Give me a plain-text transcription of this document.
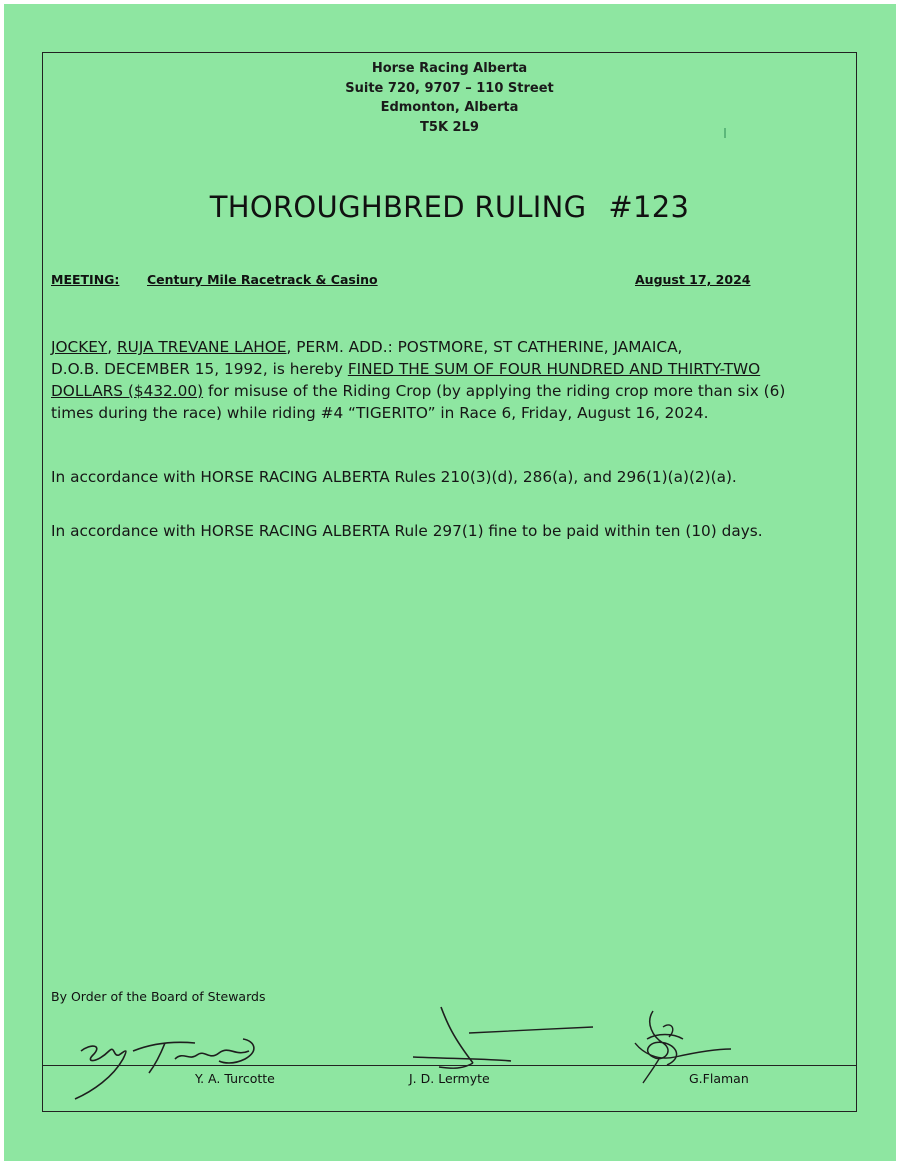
Horse Racing Alberta
Suite 720, 9707 – 110 Street
Edmonton, Alberta
T5K 2L9
THOROUGHBRED RULING #123
MEETING: Century Mile Racetrack & Casino	August 17, 2024
JOCKEY, RUJA TREVANE LAHOE, PERM. ADD.: POSTMORE, ST CATHERINE, JAMAICA,
D.O.B. DECEMBER 15, 1992, is hereby FINED THE SUM OF FOUR HUNDRED AND THIRTY-TWO
DOLLARS ($432.00) for misuse of the Riding Crop (by applying the riding crop more than six (6)
times during the race) while riding #4 “TIGERITO” in Race 6, Friday, August 16, 2024.
In accordance with HORSE RACING ALBERTA Rules 210(3)(d), 286(a), and 296(1)(a)(2)(a).
In accordance with HORSE RACING ALBERTA Rule 297(1) fine to be paid within ten (10) days.
By Order of the Board of Stewards
Y. A. Turcotte	J. D. Lermyte	G.Flaman
